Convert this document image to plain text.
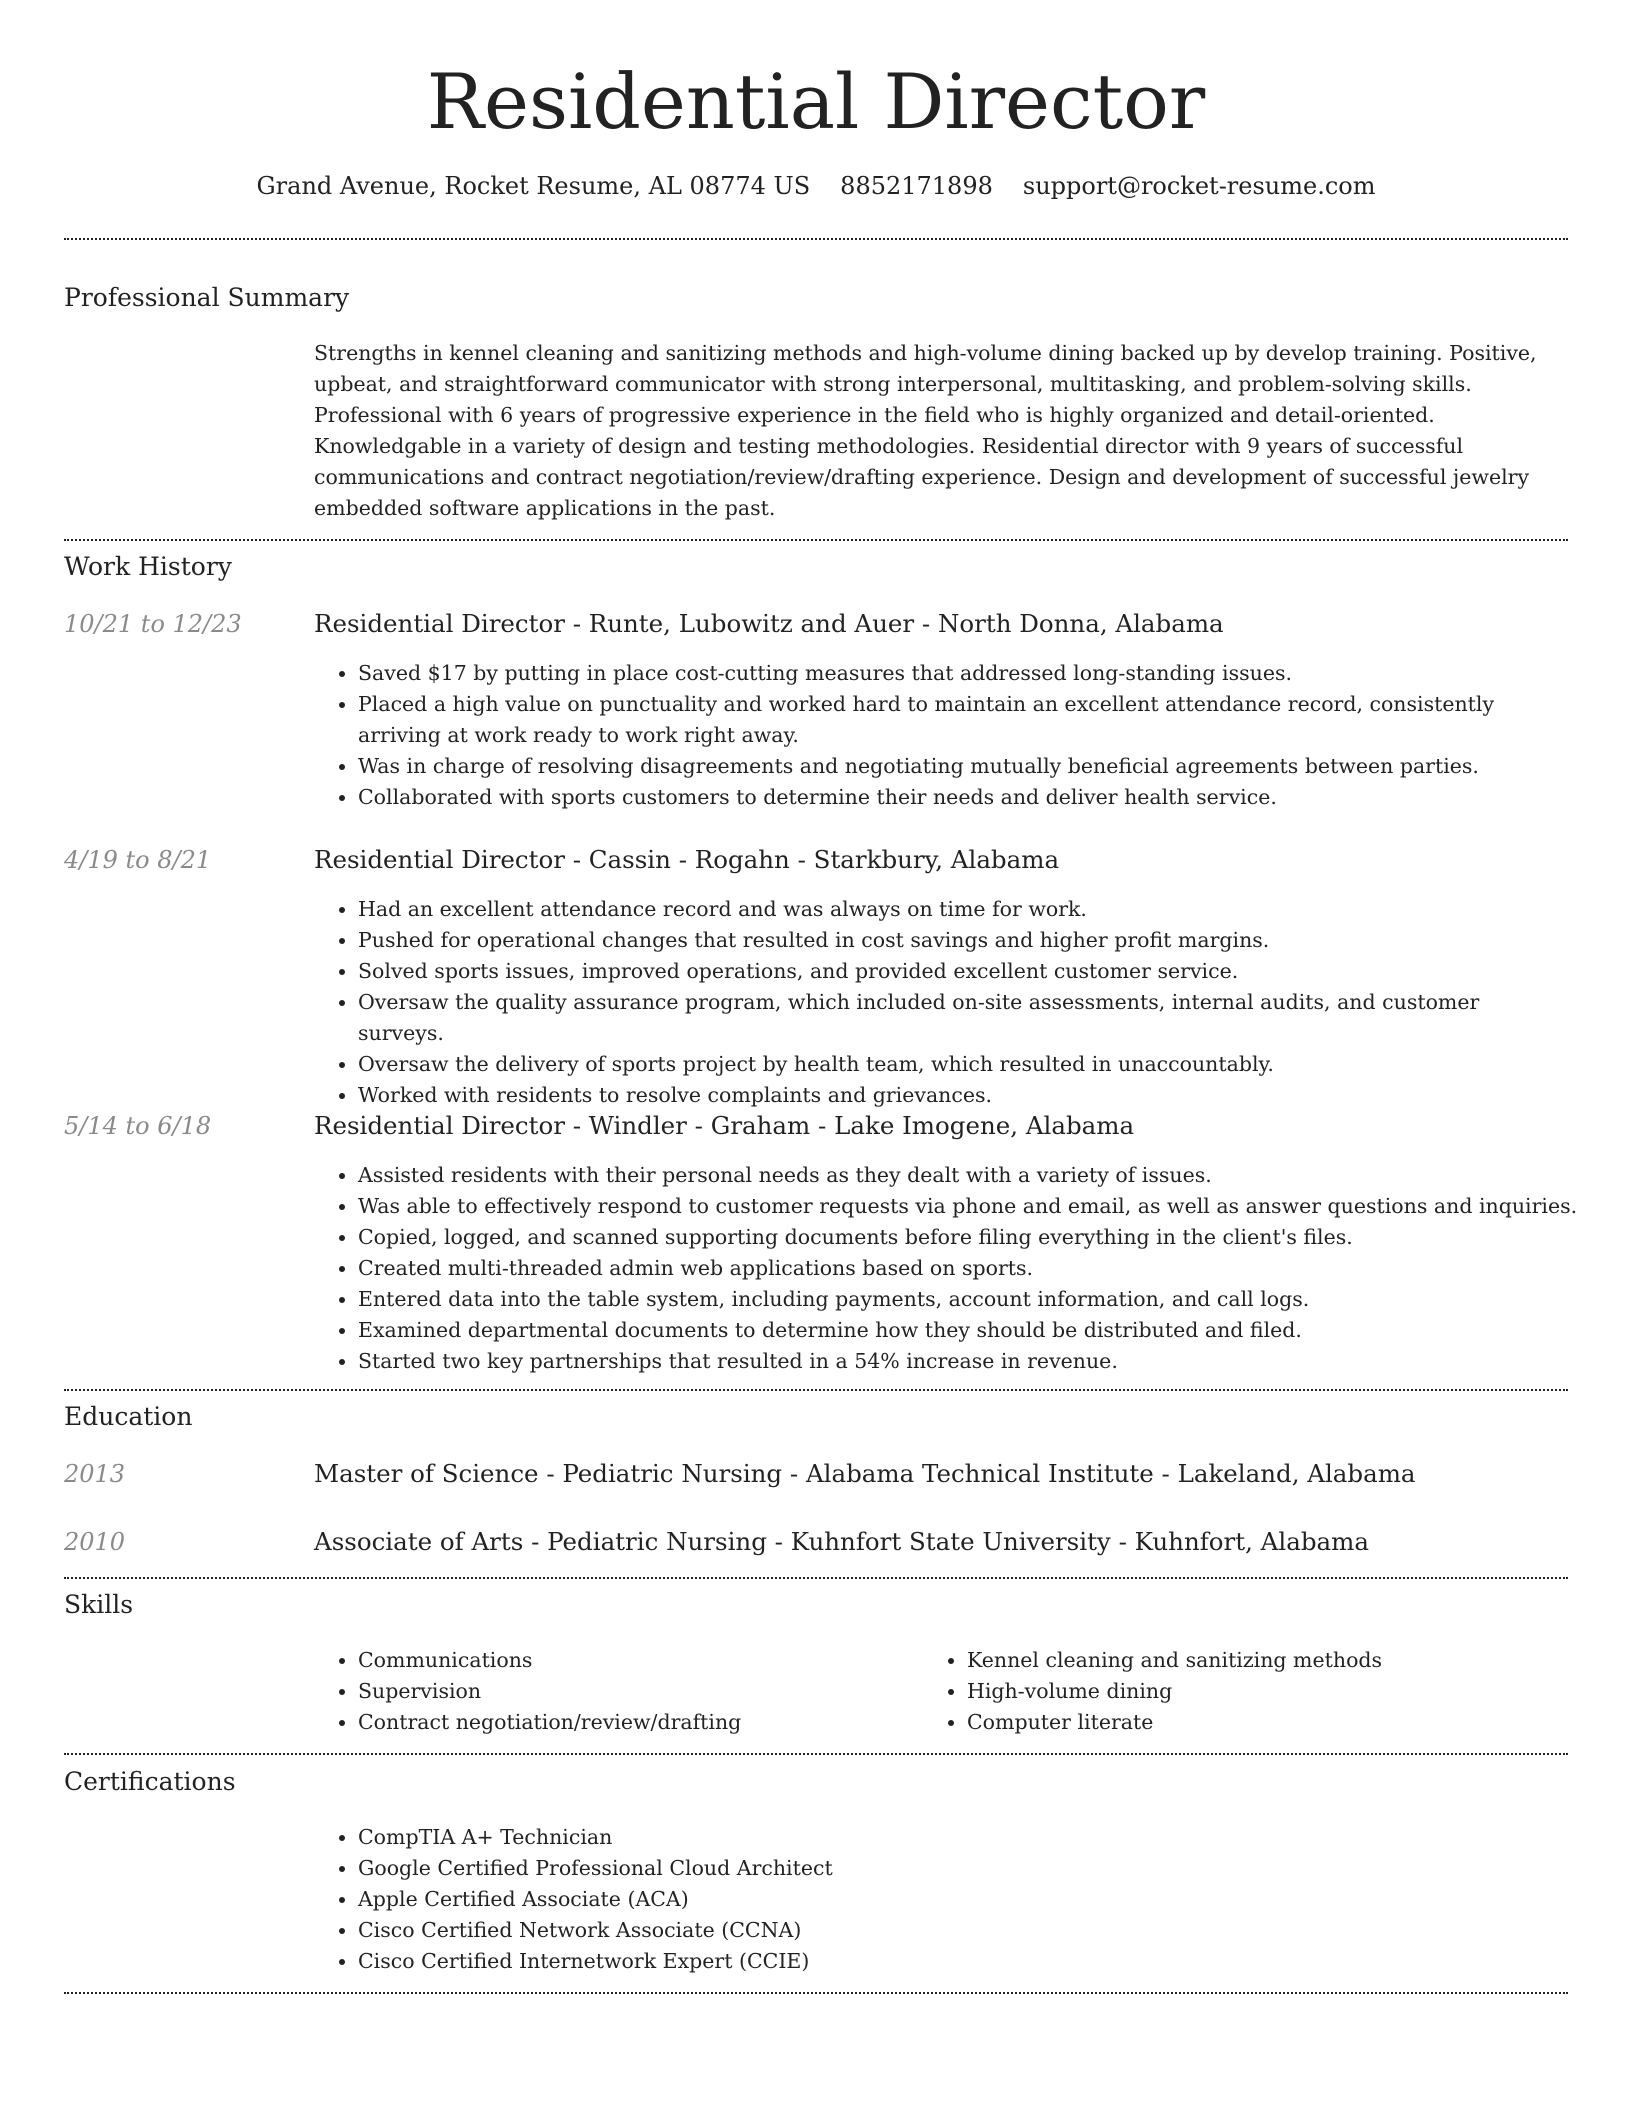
Residential Director
Grand Avenue, Rocket Resume, AL 08774 US 8852171898 support@rocket-resume.com
Professional Summary
Strengths in kennel cleaning and sanitizing methods and high-volume dining backed up by develop training. Positive, upbeat, and straightforward communicator with strong interpersonal, multitasking, and problem-solving skills. Professional with 6 years of progressive experience in the field who is highly organized and detail-oriented. Knowledgable in a variety of design and testing methodologies. Residential director with 9 years of successful communications and contract negotiation/review/drafting experience. Design and development of successful jewelry embedded software applications in the past.
Work History
10/21 to 12/23	Residential Director - Runte, Lubowitz and Auer - North Donna, Alabama
• Saved $17 by putting in place cost-cutting measures that addressed long-standing issues.
• Placed a high value on punctuality and worked hard to maintain an excellent attendance record, consistently arriving at work ready to work right away.
• Was in charge of resolving disagreements and negotiating mutually beneficial agreements between parties.
• Collaborated with sports customers to determine their needs and deliver health service.
4/19 to 8/21	Residential Director - Cassin - Rogahn - Starkbury, Alabama
• Had an excellent attendance record and was always on time for work.
• Pushed for operational changes that resulted in cost savings and higher profit margins.
• Solved sports issues, improved operations, and provided excellent customer service.
• Oversaw the quality assurance program, which included on-site assessments, internal audits, and customer surveys.
• Oversaw the delivery of sports project by health team, which resulted in unaccountably.
• Worked with residents to resolve complaints and grievances.
5/14 to 6/18	Residential Director - Windler - Graham - Lake Imogene, Alabama
• Assisted residents with their personal needs as they dealt with a variety of issues.
• Was able to effectively respond to customer requests via phone and email, as well as answer questions and inquiries.
• Copied, logged, and scanned supporting documents before filing everything in the client's files.
• Created multi-threaded admin web applications based on sports.
• Entered data into the table system, including payments, account information, and call logs.
• Examined departmental documents to determine how they should be distributed and filed.
• Started two key partnerships that resulted in a 54% increase in revenue.
Education
2013	Master of Science - Pediatric Nursing - Alabama Technical Institute - Lakeland, Alabama
2010	Associate of Arts - Pediatric Nursing - Kuhnfort State University - Kuhnfort, Alabama
Skills
• Communications
• Supervision
• Contract negotiation/review/drafting
• Kennel cleaning and sanitizing methods
• High-volume dining
• Computer literate
Certifications
• CompTIA A+ Technician
• Google Certified Professional Cloud Architect
• Apple Certified Associate (ACA)
• Cisco Certified Network Associate (CCNA)
• Cisco Certified Internetwork Expert (CCIE)
